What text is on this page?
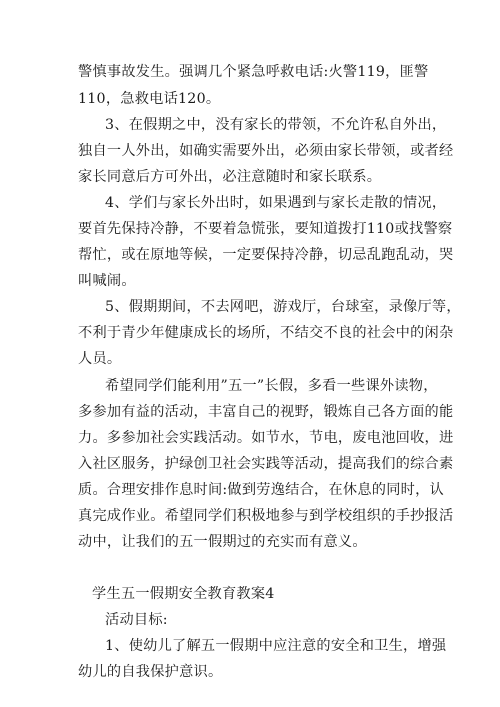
警慎事故发生。强调几个紧急呼救电话:火警119，匪警
110，急救电话120。
3、在假期之中，没有家长的带领，不允许私自外出，
独自一人外出，如确实需要外出，必须由家长带领，或者经
家长同意后方可外出，必注意随时和家长联系。
4、学们与家长外出时，如果遇到与家长走散的情况，
要首先保持冷静，不要着急慌张，要知道拨打110或找警察
帮忙，或在原地等候，一定要保持冷静，切忌乱跑乱动，哭
叫喊闹。
5、假期期间，不去网吧，游戏厅，台球室，录像厅等，
不利于青少年健康成长的场所，不结交不良的社会中的闲杂
人员。
希望同学们能利用”五一”长假，多看一些课外读物，
多参加有益的活动，丰富自己的视野，锻炼自己各方面的能
力。多参加社会实践活动。如节水，节电，废电池回收，进
入社区服务，护绿创卫社会实践等活动，提高我们的综合素
质。合理安排作息时间:做到劳逸结合，在休息的同时，认
真完成作业。希望同学们积极地参与到学校组织的手抄报活
动中，让我们的五一假期过的充实而有意义。
学生五一假期安全教育教案4
活动目标:
1、使幼儿了解五一假期中应注意的安全和卫生，增强
幼儿的自我保护意识。
